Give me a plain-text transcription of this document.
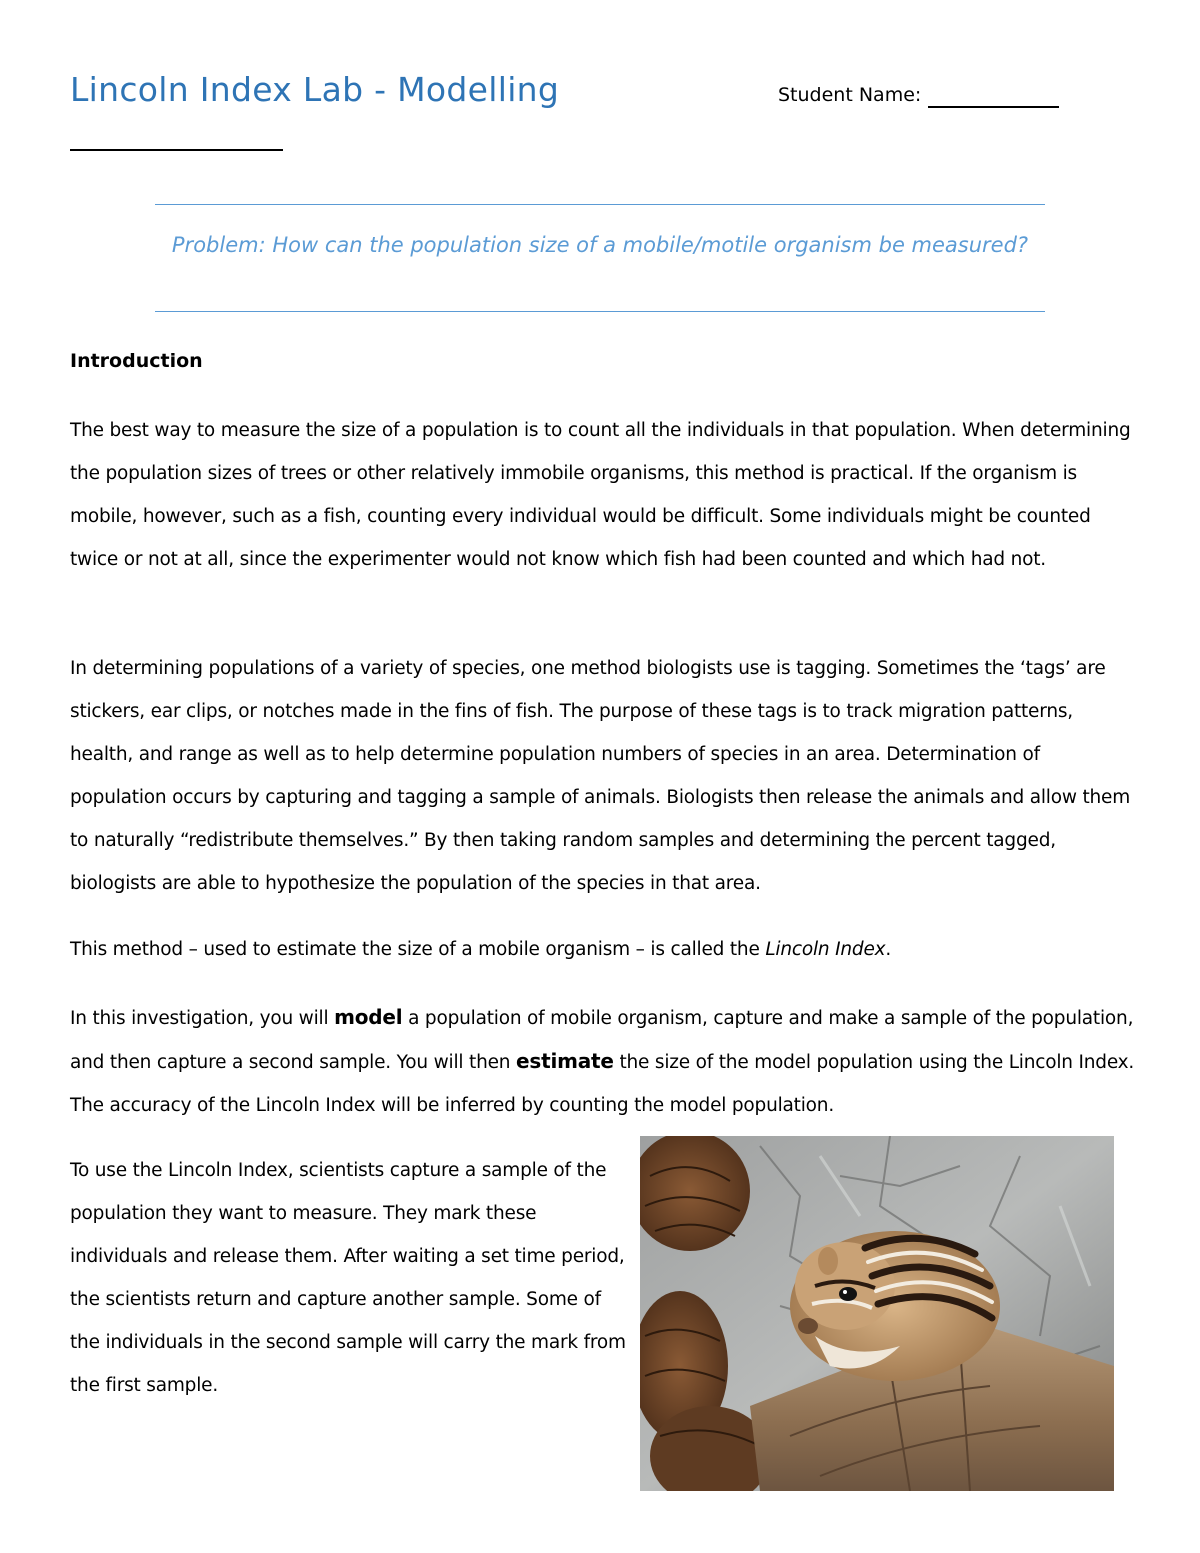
Lincoln Index Lab - Modelling	Student Name:
Problem: How can the population size of a mobile/motile organism be measured?
Introduction
The best way to measure the size of a population is to count all the individuals in that population. When determining the population sizes of trees or other relatively immobile organisms, this method is practical. If the organism is mobile, however, such as a fish, counting every individual would be difficult. Some individuals might be counted twice or not at all, since the experimenter would not know which fish had been counted and which had not.
In determining populations of a variety of species, one method biologists use is tagging. Sometimes the ‘tags’ are stickers, ear clips, or notches made in the fins of fish. The purpose of these tags is to track migration patterns, health, and range as well as to help determine population numbers of species in an area. Determination of population occurs by capturing and tagging a sample of animals. Biologists then release the animals and allow them to naturally “redistribute themselves.” By then taking random samples and determining the percent tagged, biologists are able to hypothesize the population of the species in that area.
This method – used to estimate the size of a mobile organism – is called the Lincoln Index.
In this investigation, you will model a population of mobile organism, capture and make a sample of the population, and then capture a second sample. You will then estimate the size of the model population using the Lincoln Index. The accuracy of the Lincoln Index will be inferred by counting the model population.
To use the Lincoln Index, scientists capture a sample of the population they want to measure. They mark these individuals and release them. After waiting a set time period, the scientists return and capture another sample. Some of the individuals in the second sample will carry the mark from the first sample.
